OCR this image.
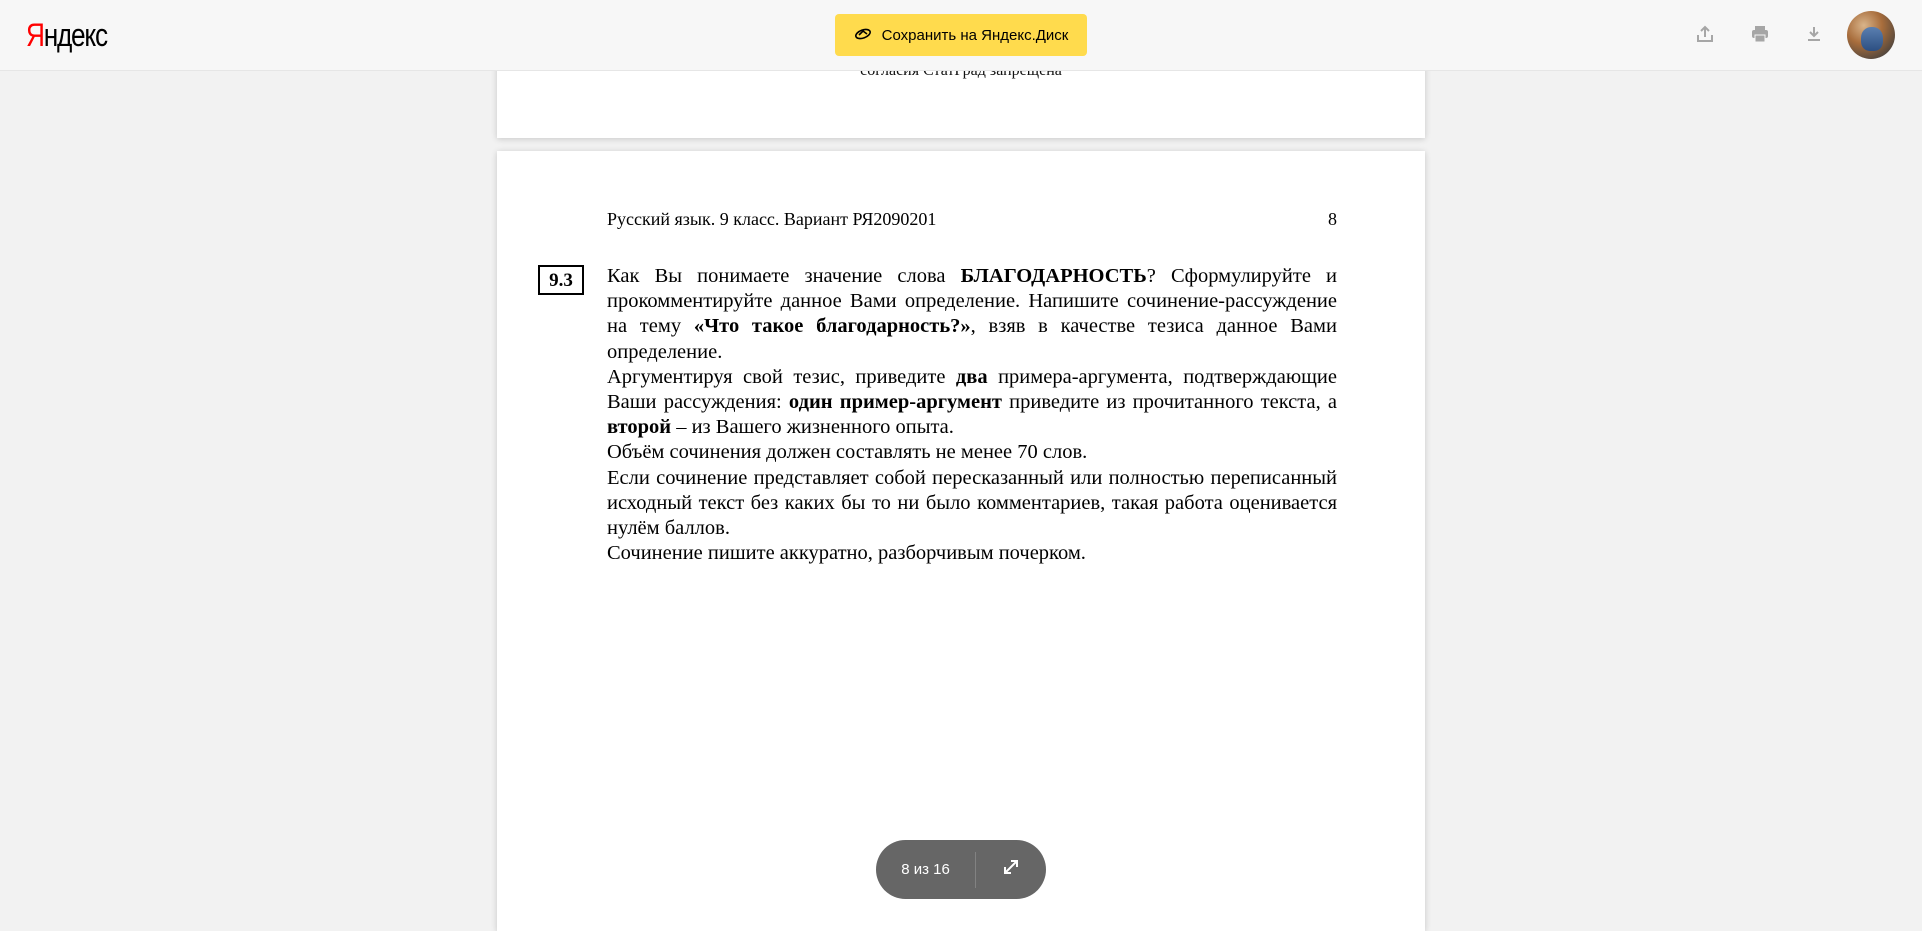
Яндекс	Сохранить на Яндекс.Диск
Русский язык. 9 класс. Вариант РЯ2090201	8
9.3	Как Вы понимаете значение слова БЛАГОДАРНОСТЬ? Сформулируйте и прокомментируйте данное Вами определение. Напишите сочинение-рассуждение на тему «Что такое благодарность?», взяв в качестве тезиса данное Вами определение.

Аргументируя свой тезис, приведите два примера-аргумента, подтверждающие Ваши рассуждения: один пример-аргумент приведите из прочитанного текста, а второй – из Вашего жизненного опыта.

Объём сочинения должен составлять не менее 70 слов.

Если сочинение представляет собой пересказанный или полностью переписанный исходный текст без каких бы то ни было комментариев, такая работа оценивается нулём баллов.

Сочинение пишите аккуратно, разборчивым почерком.

8 из 16
